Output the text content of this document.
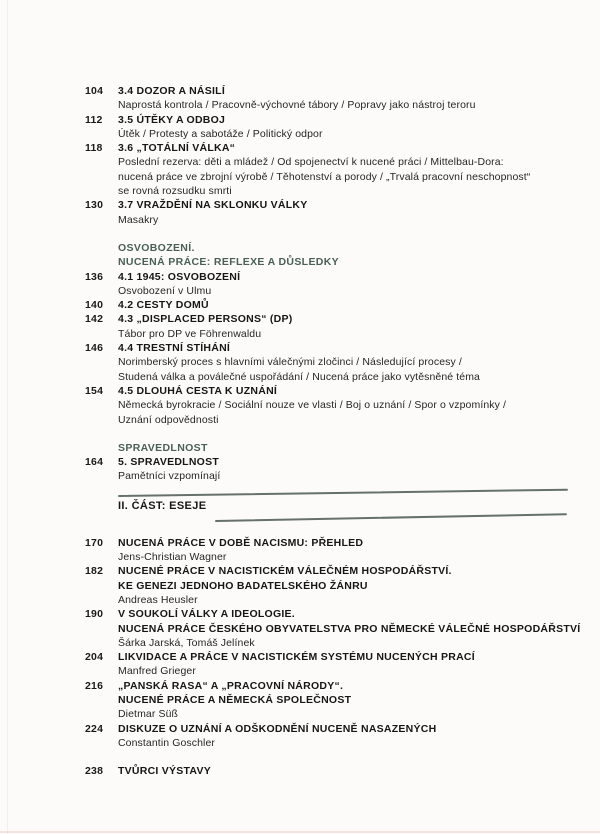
104	3.4 DOZOR A NÁSILÍ
Naprostá kontrola / Pracovně-výchovné tábory / Popravy jako nástroj teroru
112	3.5 ÚTĚKY A ODBOJ
Útěk / Protesty a sabotáže / Politický odpor
118	3.6 „TOTÁLNÍ VÁLKA“
Poslední rezerva: děti a mládež / Od spojenectví k nucené práci / Mittelbau-Dora:
nucená práce ve zbrojní výrobě / Těhotenství a porody / „Trvalá pracovní neschopnost“
se rovná rozsudku smrti
130	3.7 VRAŽDĚNÍ NA SKLONKU VÁLKY
Masakry
OSVOBOZENÍ.
NUCENÁ PRÁCE: REFLEXE A DŮSLEDKY
136	4.1 1945: OSVOBOZENÍ
Osvobození v Ulmu
140	4.2 CESTY DOMŮ
142	4.3 „DISPLACED PERSONS“ (DP)
Tábor pro DP ve Föhrenwaldu
146	4.4 TRESTNÍ STÍHÁNÍ
Norimberský proces s hlavními válečnými zločinci / Následující procesy /
Studená válka a poválečné uspořádání / Nucená práce jako vytěsněné téma
154	4.5 DLOUHÁ CESTA K UZNÁNÍ
Německá byrokracie / Sociální nouze ve vlasti / Boj o uznání / Spor o vzpomínky /
Uznání odpovědnosti
SPRAVEDLNOST
164	5. SPRAVEDLNOST
Pamětníci vzpomínají
II. ČÁST: ESEJE
170	NUCENÁ PRÁCE V DOBĚ NACISMU: PŘEHLED
Jens-Christian Wagner
182	NUCENÉ PRÁCE V NACISTICKÉM VÁLEČNÉM HOSPODÁŘSTVÍ.
KE GENEZI JEDNOHO BADATELSKÉHO ŽÁNRU
Andreas Heusler
190	V SOUKOLÍ VÁLKY A IDEOLOGIE.
NUCENÁ PRÁCE ČESKÉHO OBYVATELSTVA PRO NĚMECKÉ VÁLEČNÉ HOSPODÁŘSTVÍ
Šárka Jarská, Tomáš Jelínek
204	LIKVIDACE A PRÁCE V NACISTICKÉM SYSTÉMU NUCENÝCH PRACÍ
Manfred Grieger
216	„PANSKÁ RASA“ A „PRACOVNÍ NÁRODY“.
NUCENÉ PRÁCE A NĚMECKÁ SPOLEČNOST
Dietmar Süß
224	DISKUZE O UZNÁNÍ A ODŠKODNĚNÍ NUCENĚ NASAZENÝCH
Constantin Goschler
238	TVŮRCI VÝSTAVY
